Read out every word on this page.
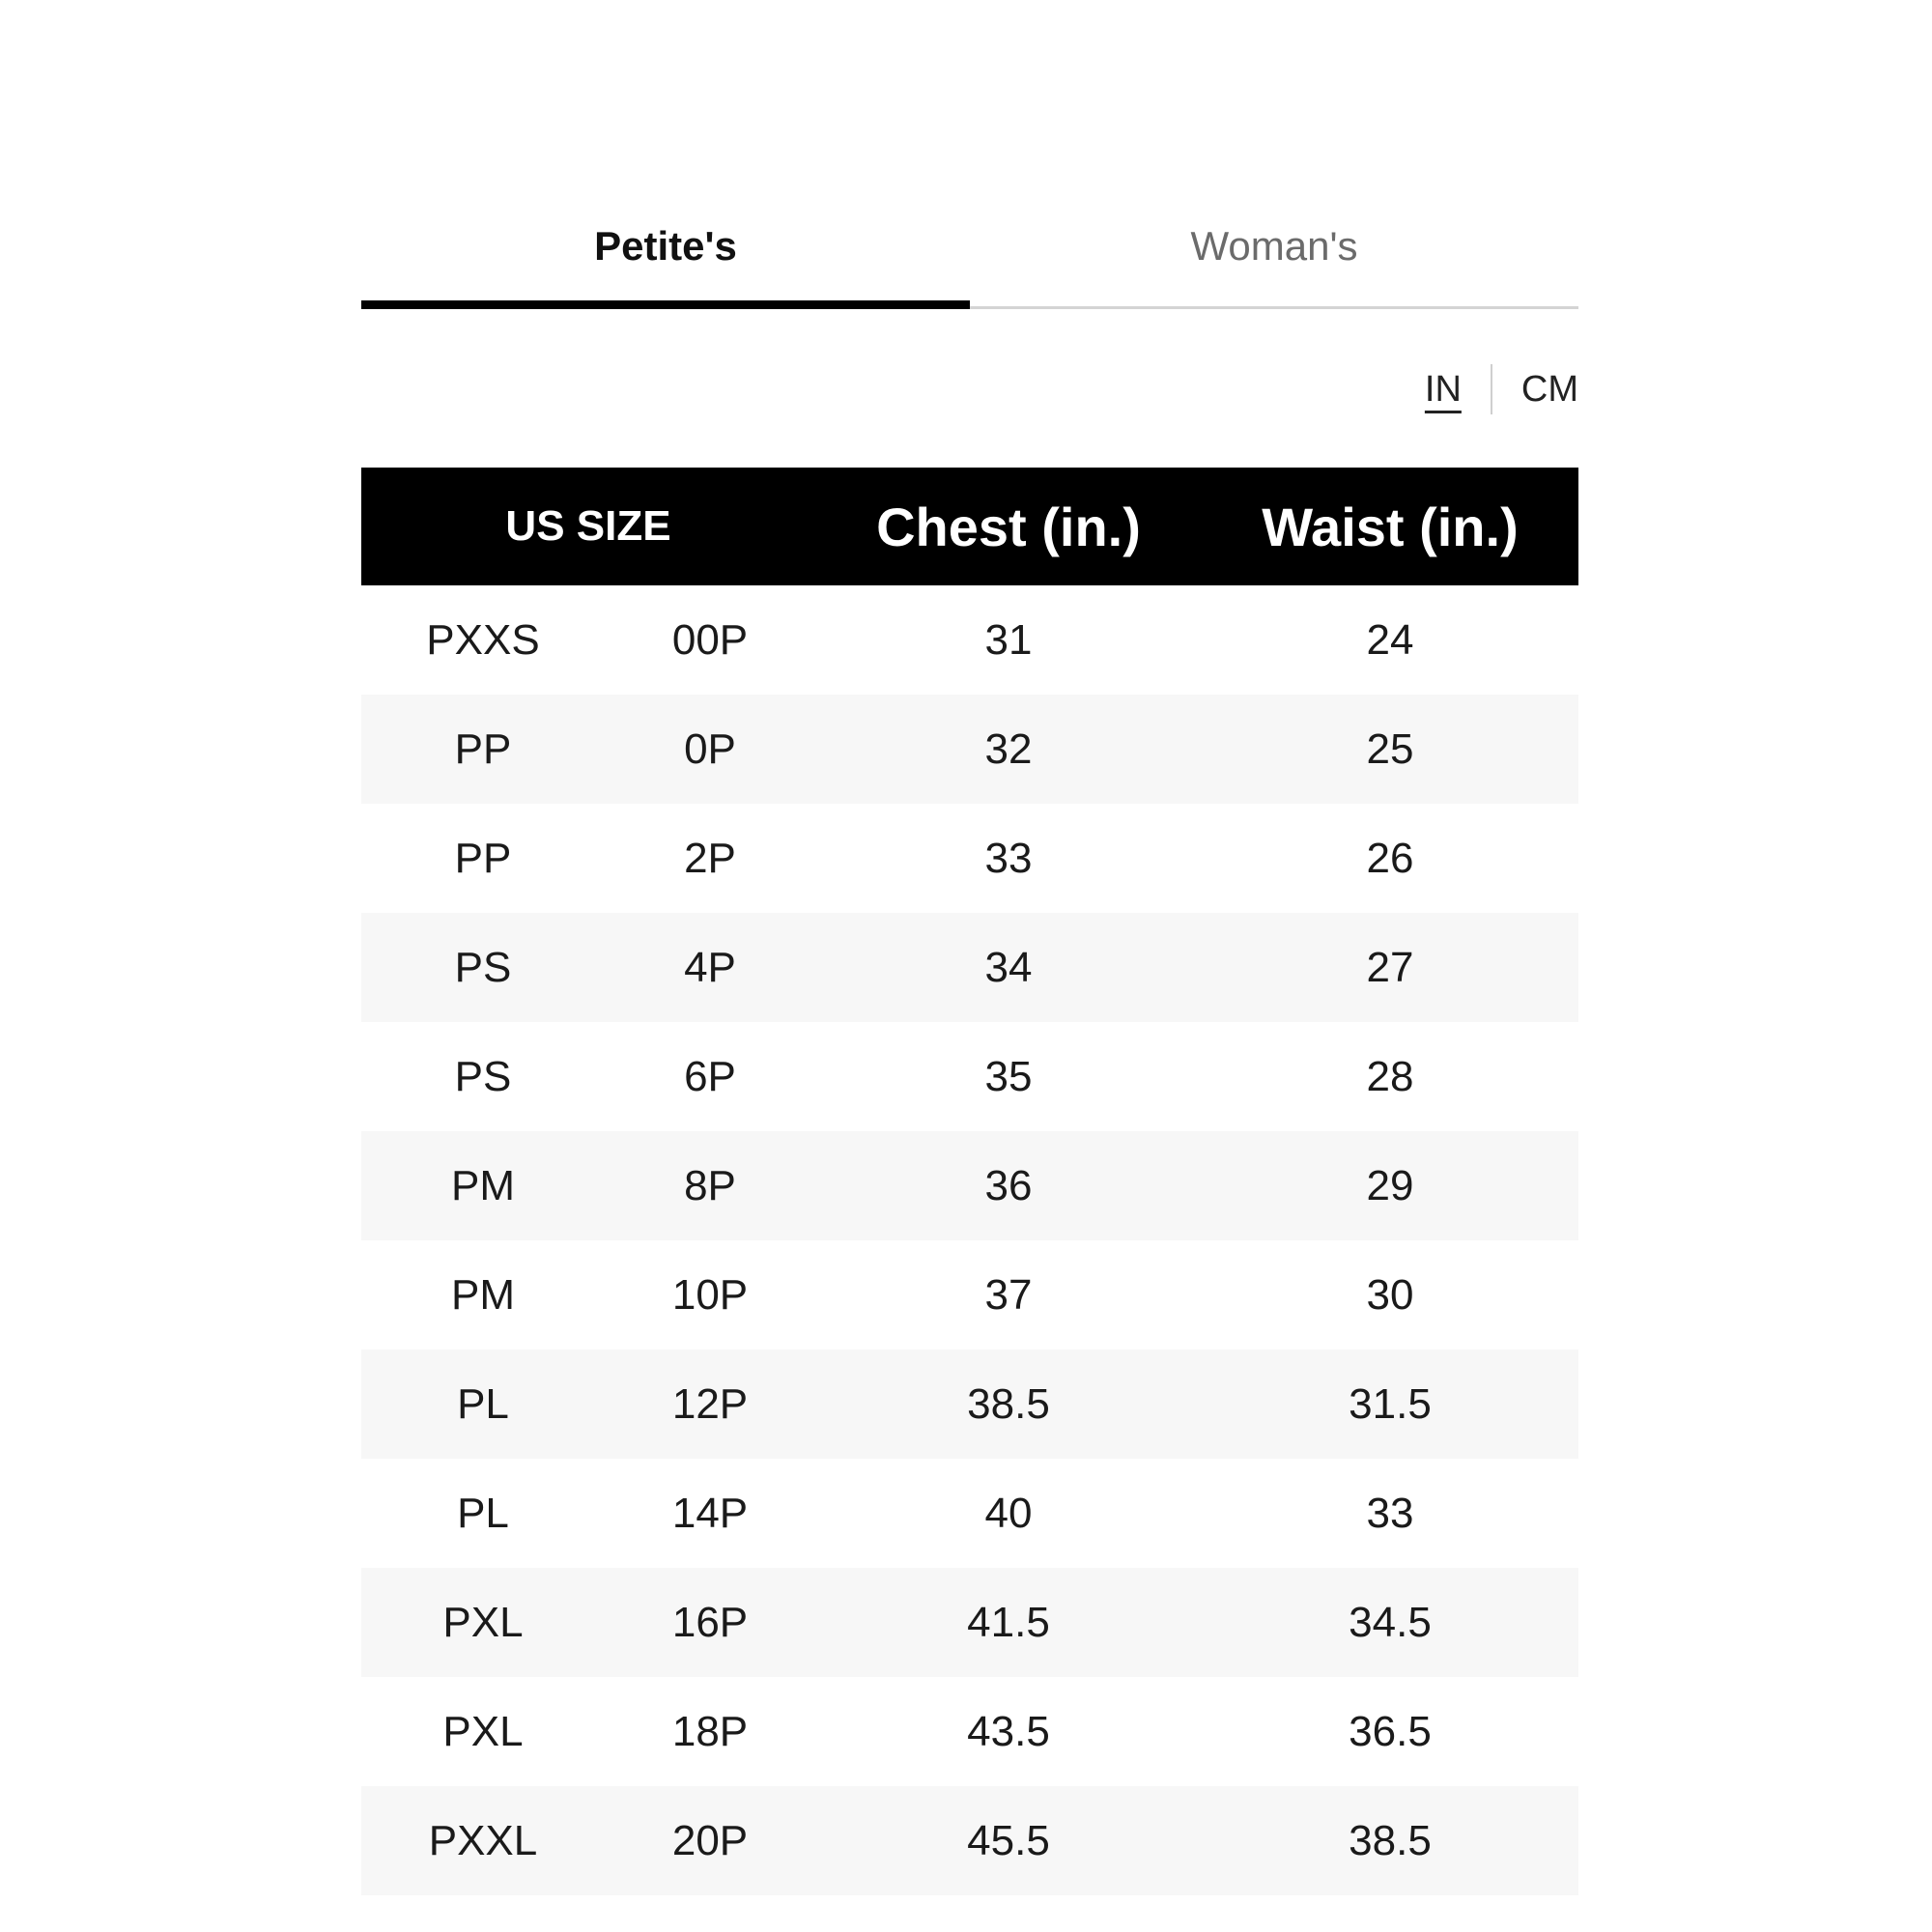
Petite's	Woman's
IN CM
US SIZE	Chest (in.)	Waist (in.)
PXXS	00P	31	24
PP	0P	32	25
PP	2P	33	26
PS	4P	34	27
PS	6P	35	28
PM	8P	36	29
PM	10P	37	30
PL	12P	38.5	31.5
PL	14P	40	33
PXL	16P	41.5	34.5
PXL	18P	43.5	36.5
PXXL	20P	45.5	38.5
